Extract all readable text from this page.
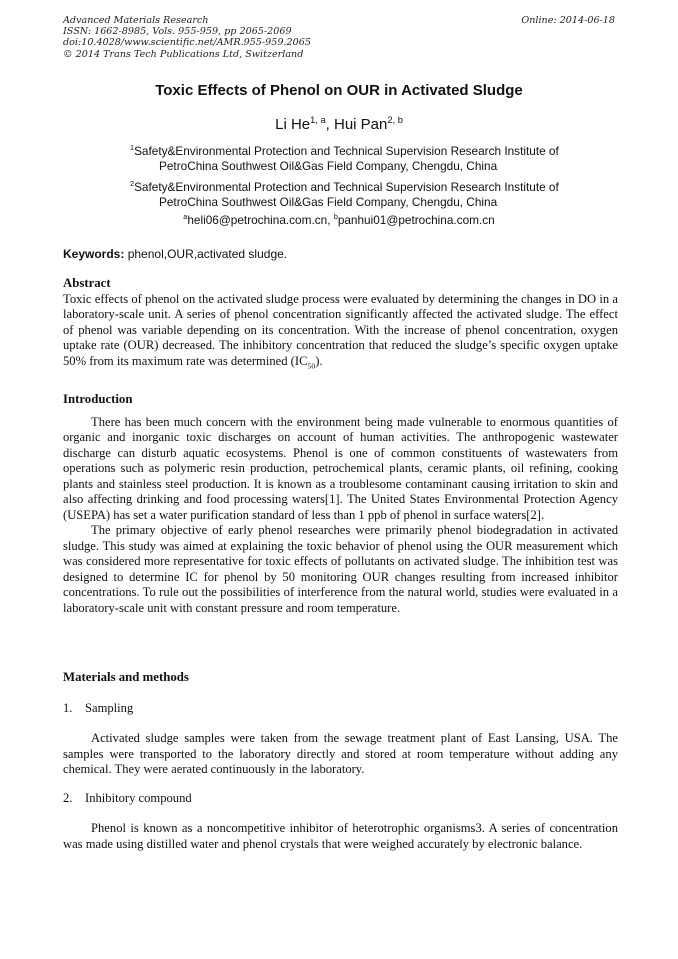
Advanced Materials Research
ISSN: 1662-8985, Vols. 955-959, pp 2065-2069
doi:10.4028/www.scientific.net/AMR.955-959.2065
© 2014 Trans Tech Publications Ltd, Switzerland
Online: 2014-06-18
Toxic Effects of Phenol on OUR in Activated Sludge
Li He$^{1, a}$, Hui Pan$^{2, b}$
$^1$Safety&Environmental Protection and Technical Supervision Research Institute of
PetroChina Southwest Oil&Gas Field Company, Chengdu, China
$^2$Safety&Environmental Protection and Technical Supervision Research Institute of
PetroChina Southwest Oil&Gas Field Company, Chengdu, China
$^a$heli06@petrochina.com.cn, $^b$panhui01@petrochina.com.cn
Keywords: phenol,OUR,activated sludge.
Abstract

Toxic effects of phenol on the activated sludge process were evaluated by determining the changes in DO in a laboratory-scale unit. A series of phenol concentration significantly affected the activated sludge. The effect of phenol was variable depending on its concentration. With the increase of phenol concentration, oxygen uptake rate (OUR) decreased. The inhibitory concentration that reduced the sludge’s specific oxygen uptake 50% from its maximum rate was determined $(IC_{50})$.

Introduction

There has been much concern with the environment being made vulnerable to enormous quantities of organic and inorganic toxic discharges on account of human activities. The anthropogenic wastewater discharge can disturb aquatic ecosystems. Phenol is one of common constituents of wastewaters from operations such as polymeric resin production, petrochemical plants, ceramic plants, oil refining, cooking plants and stainless steel production. It is known as a troublesome contaminant causing irritation to skin and also affecting drinking and food processing waters[1]. The United States Environmental Protection Agency (USEPA) has set a water purification standard of less than 1 ppb of phenol in surface waters[2].

The primary objective of early phenol researches were primarily phenol biodegradation in activated sludge. This study was aimed at explaining the toxic behavior of phenol using the OUR measurement which was considered more representative for toxic effects of pollutants on activated sludge. The inhibition test was designed to determine IC for phenol by 50 monitoring OUR changes resulting from increased inhibitor concentrations. To rule out the possibilities of interference from the natural world, studies were evaluated in a laboratory-scale unit with constant pressure and room temperature.

Materials and methods
1. Sampling

Activated sludge samples were taken from the sewage treatment plant of East Lansing, USA. The samples were transported to the laboratory directly and stored at room temperature without adding any chemical. They were aerated continuously in the laboratory.

2. Inhibitory compound

Phenol is known as a noncompetitive inhibitor of heterotrophic organisms3. A series of concentration was made using distilled water and phenol crystals that were weighed accurately by electronic balance.
